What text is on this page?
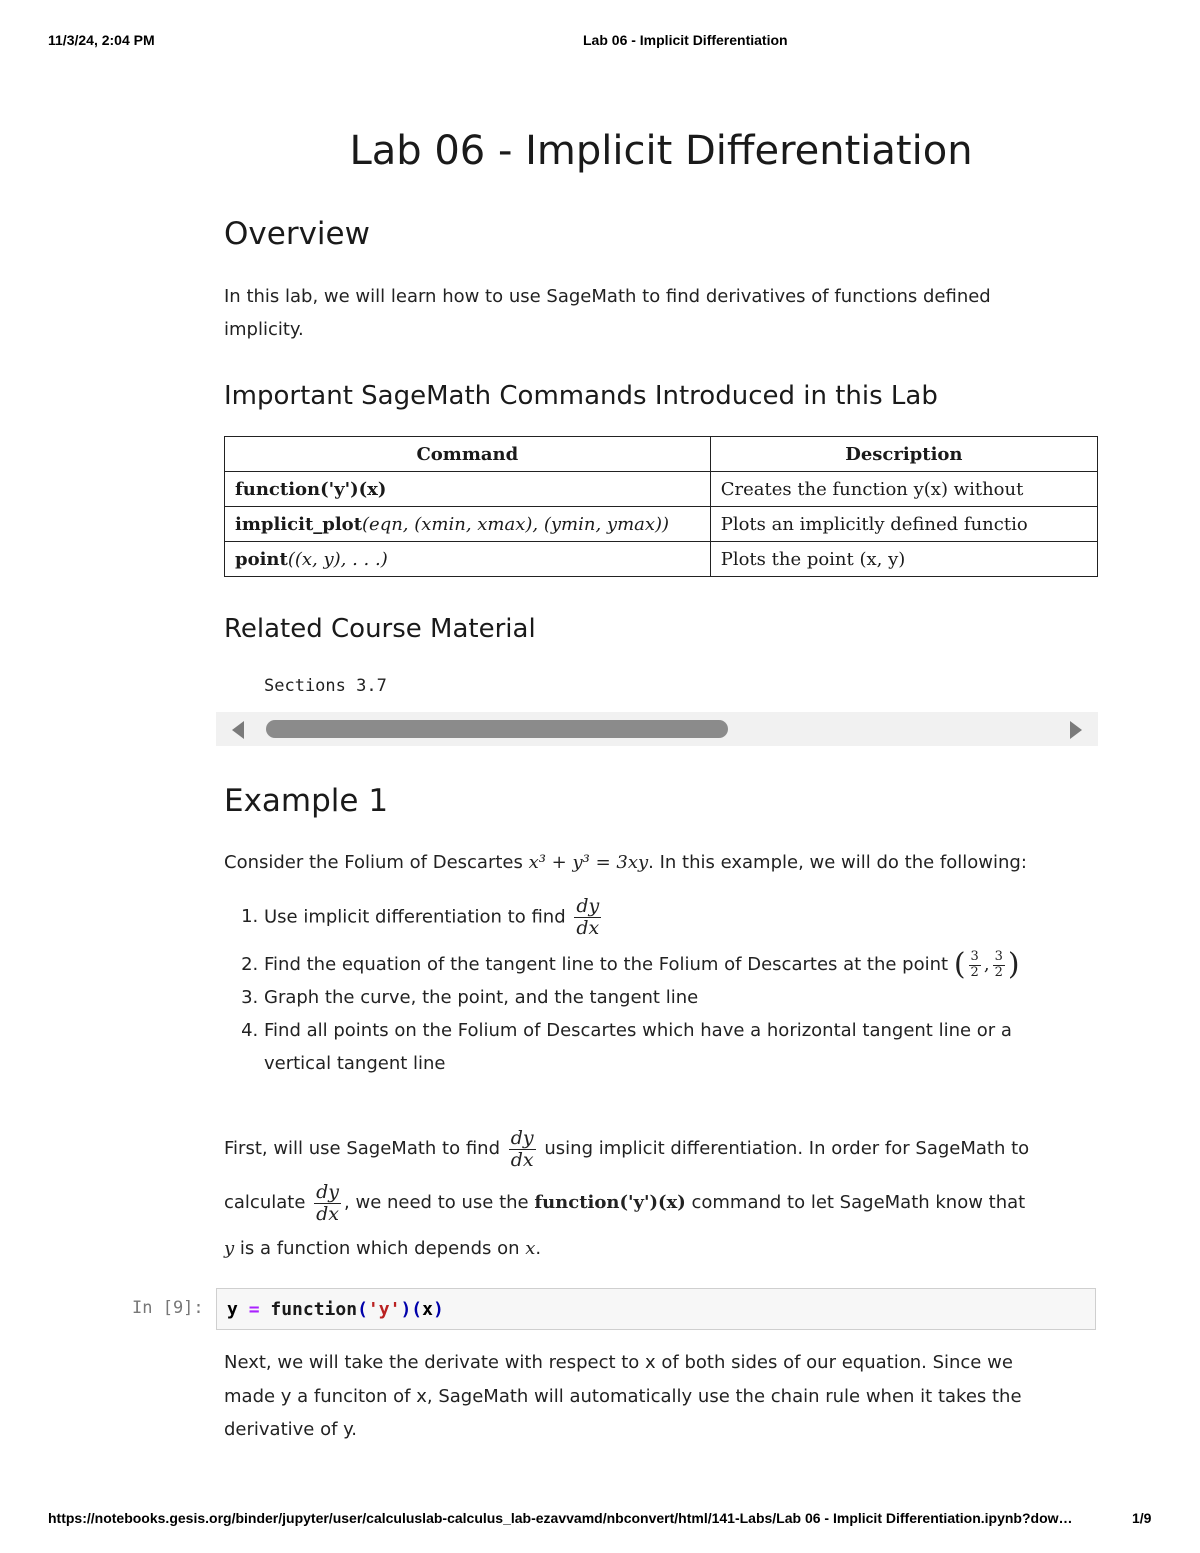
11/3/24, 2:04 PM	Lab 06 - Implicit Differentiation
Lab 06 - Implicit Differentiation
Overview

In this lab, we will learn how to use SageMath to find derivatives of functions defined

implicity.

Important SageMath Commands Introduced in this Lab
Command	Description
function('y')(x)	Creates the function y(x) without
implicit_plot(eqn, (xmin, xmax), (ymin, ymax))	Plots an implicitly defined functio
point((x, y), . . .)	Plots the point (x, y)
Related Course Material
Sections 3.7
Example 1

Consider the Folium of Descartes x³ + y³ = 3xy. In this example, we will do the following:

1. Use implicit differentiation to find $\frac{dy}{dx}$
2. Find the equation of the tangent line to the Folium of Descartes at the point ( $\frac{3}{2}$ , $\frac{3}{2}$ )
3. Graph the curve, the point, and the tangent line
4. Find all points on the Folium of Descartes which have a horizontal tangent line or a vertical tangent line

First, will use SageMath to find $\frac{dy}{dx}$ using implicit differentiation. In order for SageMath to

calculate $\frac{dy}{dx}$ , we need to use the function('y')(x) command to let SageMath know that

y is a function which depends on x.

In [9]: y = function('y')(x)

Next, we will take the derivate with respect to x of both sides of our equation. Since we

made y a funciton of x, SageMath will automatically use the chain rule when it takes the

derivative of y.

https://notebooks.gesis.org/binder/jupyter/user/calculuslab-calculus_lab-ezavvamd/nbconvert/html/141-Labs/Lab 06 - Implicit Differentiation.ipynb?dow…	1/9
